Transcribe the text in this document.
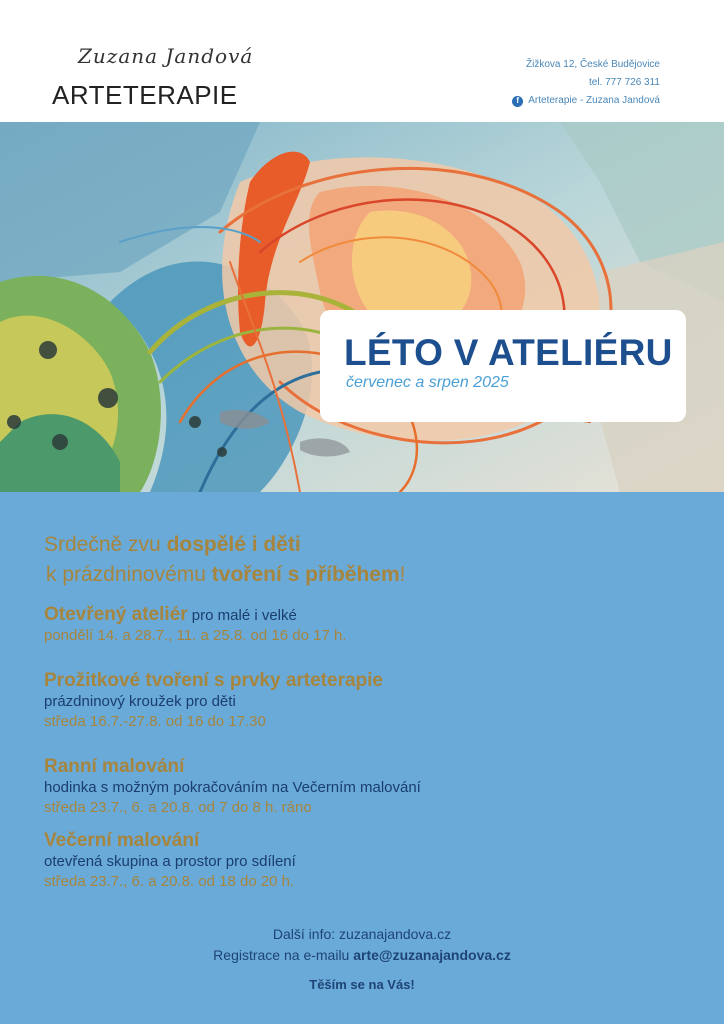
Zuzana Jandová
ARTETERAPIE
Žižkova 12, České Budějovice
tel. 777 726 311
f Arteterapie - Zuzana Jandová
LÉTO V ATELIÉRU
červenec a srpen 2025
Srdečně zvu dospělé i děti
k prázdninovému tvoření s příběhem!
Otevřený ateliér pro malé i velké
pondělí 14. a 28.7., 11. a 25.8. od 16 do 17 h.
Prožitkové tvoření s prvky arteterapie
prázdninový kroužek pro děti
středa 16.7.-27.8. od 16 do 17.30
Ranní malování
hodinka s možným pokračováním na Večerním malování
středa 23.7., 6. a 20.8. od 7 do 8 h. ráno
Večerní malování
otevřená skupina a prostor pro sdílení
středa 23.7., 6. a 20.8. od 18 do 20 h.
Další info: zuzanajandova.cz
Registrace na e-mailu arte@zuzanajandova.cz
Těším se na Vás!
